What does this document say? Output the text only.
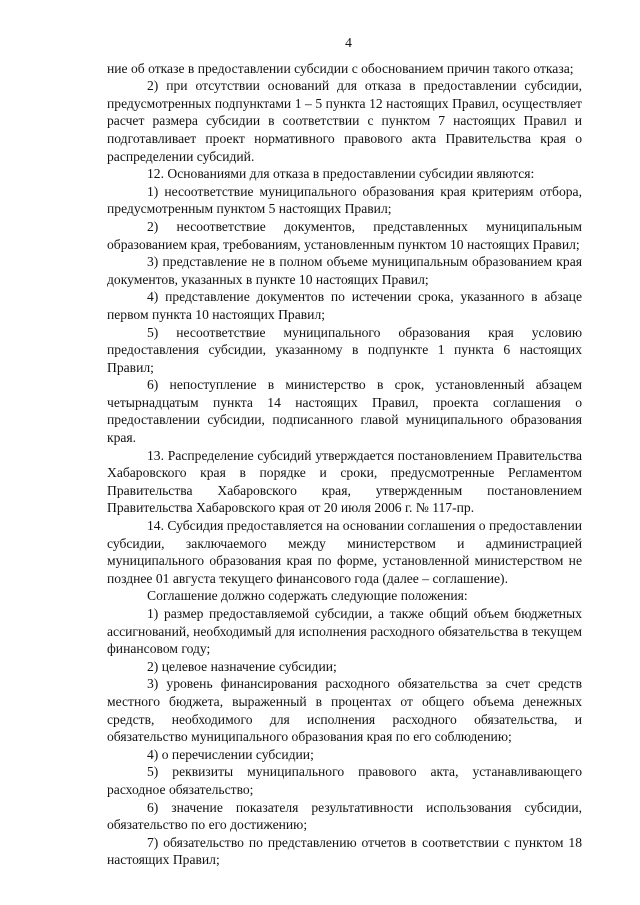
4

ние об отказе в предоставлении субсидии с обоснованием причин такого отказа;

2) при отсутствии оснований для отказа в предоставлении субсидии, предусмотренных подпунктами 1 – 5 пункта 12 настоящих Правил, осуществляет расчет размера субсидии в соответствии с пунктом 7 настоящих Правил и подготавливает проект нормативного правового акта Правительства края о распределении субсидий.

12. Основаниями для отказа в предоставлении субсидии являются:

1) несоответствие муниципального образования края критериям отбора, предусмотренным пунктом 5 настоящих Правил;

2) несоответствие документов, представленных муниципальным образованием края, требованиям, установленным пунктом 10 настоящих Правил;

3) представление не в полном объеме муниципальным образованием края документов, указанных в пункте 10 настоящих Правил;

4) представление документов по истечении срока, указанного в абзаце первом пункта 10 настоящих Правил;

5) несоответствие муниципального образования края условию предоставления субсидии, указанному в подпункте 1 пункта 6 настоящих Правил;

6) непоступление в министерство в срок, установленный абзацем четырнадцатым пункта 14 настоящих Правил, проекта соглашения о предоставлении субсидии, подписанного главой муниципального образования края.

13. Распределение субсидий утверждается постановлением Правительства Хабаровского края в порядке и сроки, предусмотренные Регламентом Правительства Хабаровского края, утвержденным постановлением Правительства Хабаровского края от 20 июля 2006 г. № 117-пр.

14. Субсидия предоставляется на основании соглашения о предоставлении субсидии, заключаемого между министерством и администрацией муниципального образования края по форме, установленной министерством не позднее 01 августа текущего финансового года (далее – соглашение).

Соглашение должно содержать следующие положения:

1) размер предоставляемой субсидии, а также общий объем бюджетных ассигнований, необходимый для исполнения расходного обязательства в текущем финансовом году;

2) целевое назначение субсидии;

3) уровень финансирования расходного обязательства за счет средств местного бюджета, выраженный в процентах от общего объема денежных средств, необходимого для исполнения расходного обязательства, и обязательство муниципального образования края по его соблюдению;

4) о перечислении субсидии;

5) реквизиты муниципального правового акта, устанавливающего расходное обязательство;

6) значение показателя результативности использования субсидии, обязательство по его достижению;

7) обязательство по представлению отчетов в соответствии с пунктом 18 настоящих Правил;
